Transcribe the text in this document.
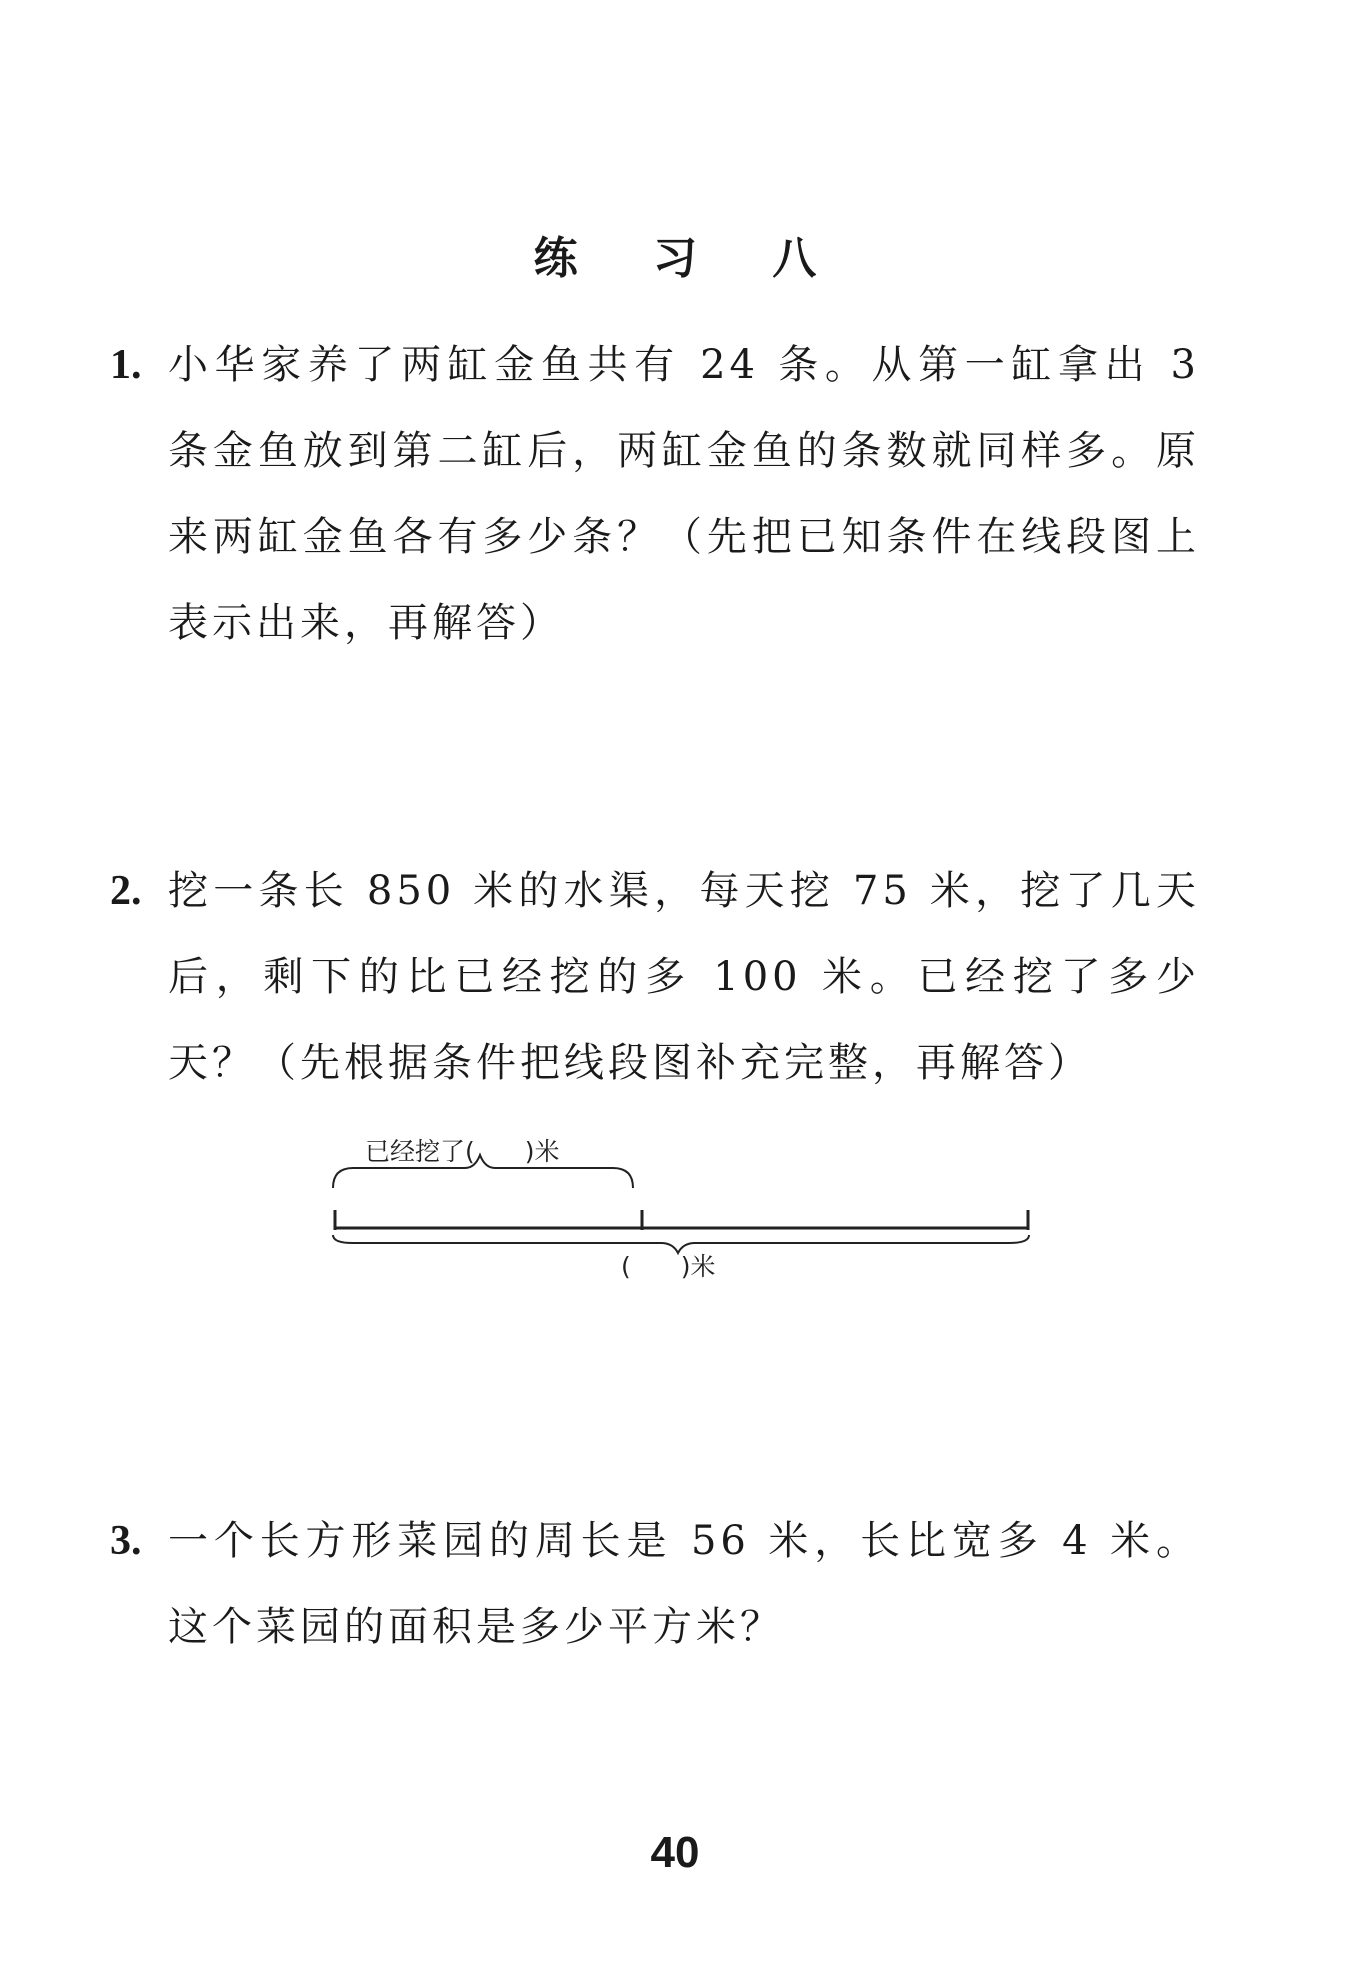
练 习 八
1. 小华家养了两缸金鱼共有 24 条。从第一缸拿出 3 条金鱼放到第二缸后，两缸金鱼的条数就同样多。原来两缸金鱼各有多少条？（先把已知条件在线段图上表示出来，再解答）
2. 挖一条长 850 米的水渠，每天挖 75 米，挖了几天后，剩下的比已经挖的多 100 米。已经挖了多少天？（先根据条件把线段图补充完整，再解答）
已经挖了(　　)米
(　　)米
3. 一个长方形菜园的周长是 56 米，长比宽多 4 米。这个菜园的面积是多少平方米？
40
